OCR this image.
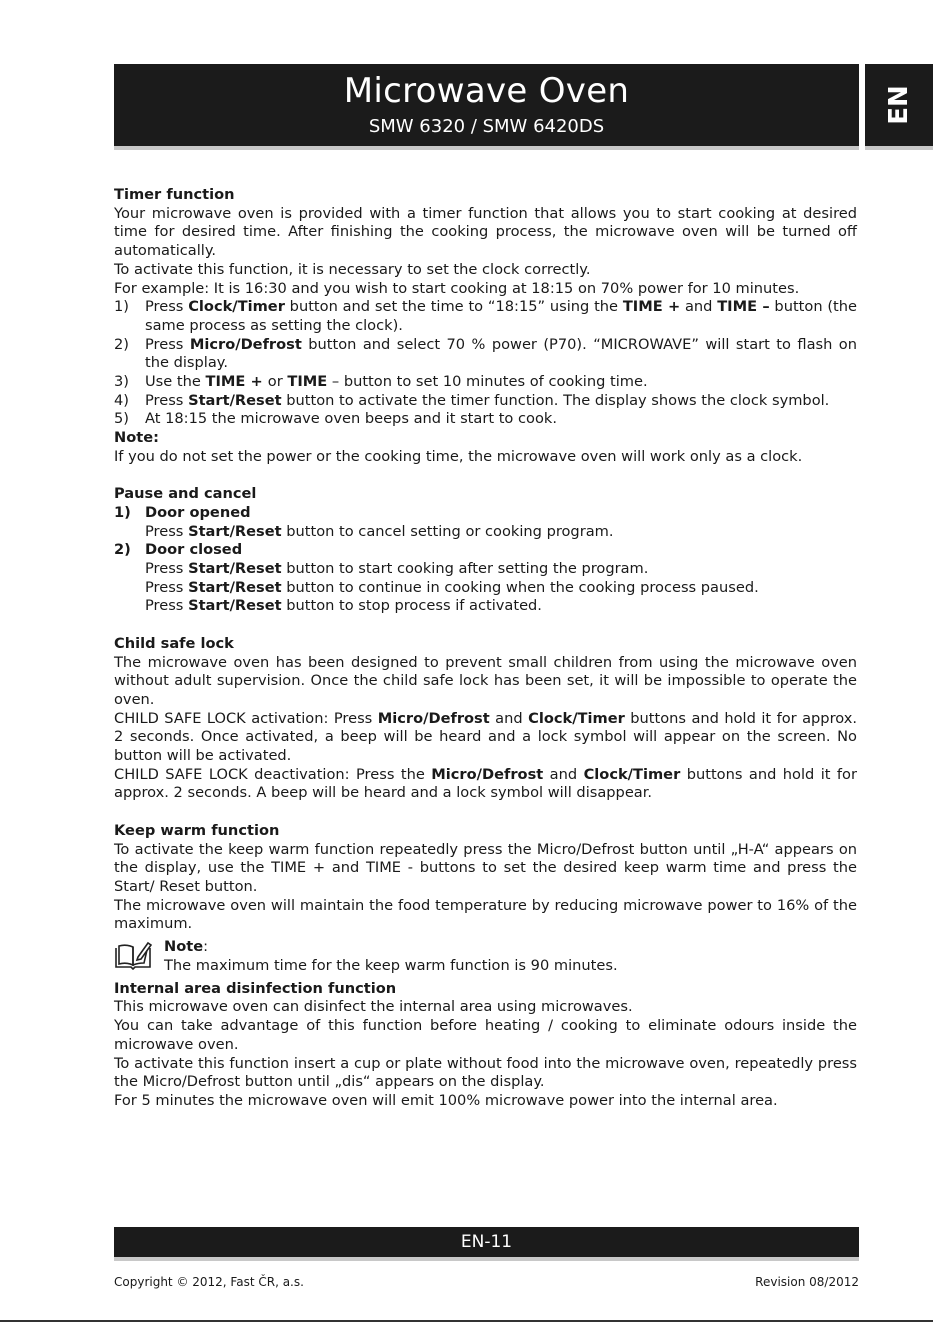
Microwave Oven
SMW 6320 / SMW 6420DS
EN

Timer function

Your microwave oven is provided with a timer function that allows you to start cooking at desired time for desired time. After finishing the cooking process, the microwave oven will be turned off automatically.

To activate this function, it is necessary to set the clock correctly.

For example: It is 16:30 and you wish to start cooking at 18:15 on 70% power for 10 minutes.

1)	Press Clock/Timer button and set the time to “18:15” using the TIME + and TIME – button (the same process as setting the clock).
2)	Press Micro/Defrost button and select 70 % power (P70). “MICROWAVE” will start to flash on the display.
3)	Use the TIME + or TIME – button to set 10 minutes of cooking time.
4)	Press Start/Reset button to activate the timer function. The display shows the clock symbol.
5)	At 18:15 the microwave oven beeps and it start to cook.

Note:

If you do not set the power or the cooking time, the microwave oven will work only as a clock.

Pause and cancel

1) Door opened

Press Start/Reset button to cancel setting or cooking program.

2) Door closed

Press Start/Reset button to start cooking after setting the program.

Press Start/Reset button to continue in cooking when the cooking process paused.

Press Start/Reset button to stop process if activated.

Child safe lock

The microwave oven has been designed to prevent small children from using the microwave oven without adult supervision. Once the child safe lock has been set, it will be impossible to operate the oven.

CHILD SAFE LOCK activation: Press Micro/Defrost and Clock/Timer buttons and hold it for approx. 2 seconds. Once activated, a beep will be heard and a lock symbol will appear on the screen. No button will be activated.

CHILD SAFE LOCK deactivation: Press the Micro/Defrost and Clock/Timer buttons and hold it for approx. 2 seconds. A beep will be heard and a lock symbol will disappear.

Keep warm function

To activate the keep warm function repeatedly press the Micro/Defrost button until „H-A“ appears on the display, use the TIME + and TIME - buttons to set the desired keep warm time and press the Start/ Reset button.

The microwave oven will maintain the food temperature by reducing microwave power to 16% of the maximum.

Note:

The maximum time for the keep warm function is 90 minutes.

Internal area disinfection function

This microwave oven can disinfect the internal area using microwaves.

You can take advantage of this function before heating / cooking to eliminate odours inside the microwave oven.

To activate this function insert a cup or plate without food into the microwave oven, repeatedly press the Micro/Defrost button until „dis“ appears on the display.

For 5 minutes the microwave oven will emit 100% microwave power into the internal area.

EN-11
Copyright © 2012, Fast ČR, a.s.	Revision 08/2012
